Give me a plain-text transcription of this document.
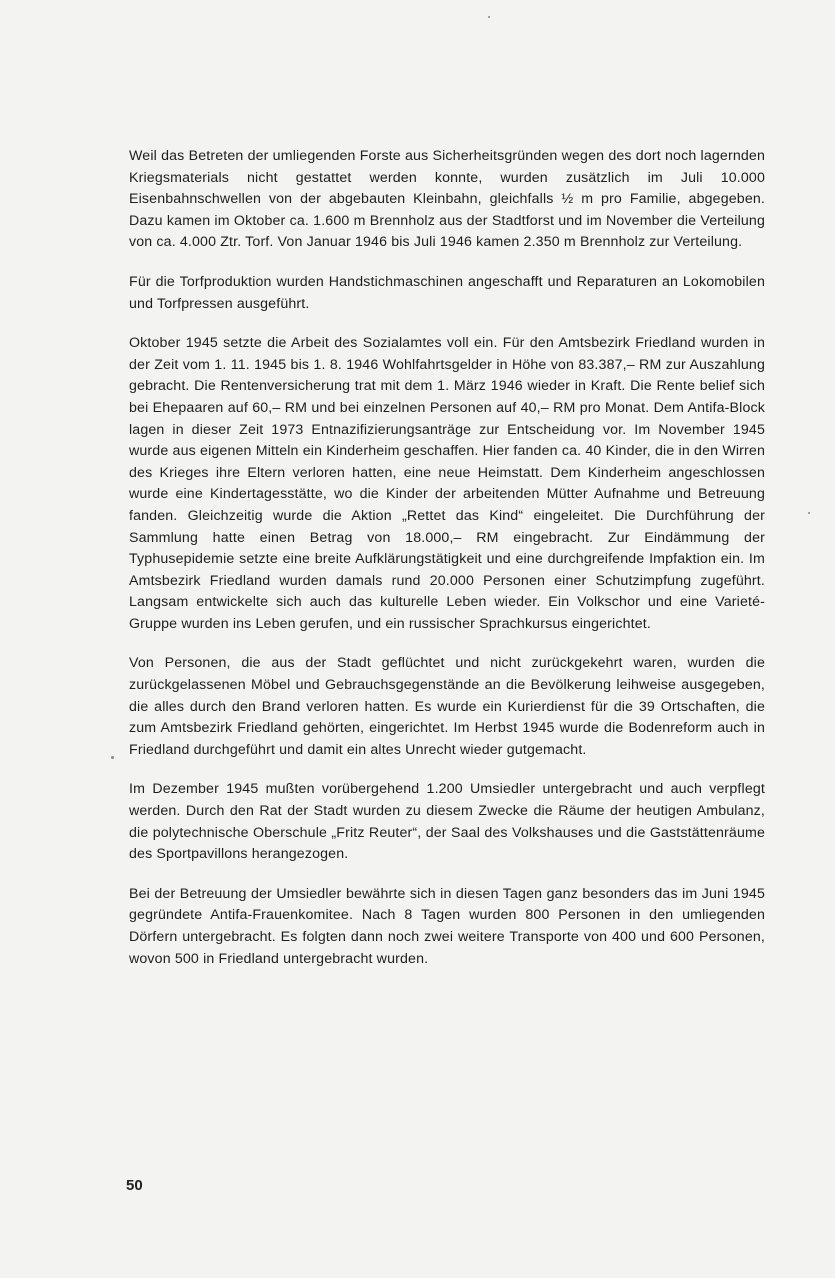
Weil das Betreten der umliegenden Forste aus Sicherheitsgründen wegen des dort noch lagernden Kriegsmaterials nicht gestattet werden konnte, wurden zusätzlich im Juli 10.000 Eisenbahnschwellen von der abgebauten Kleinbahn, gleichfalls ½ m pro Familie, abgegeben. Dazu kamen im Oktober ca. 1.600 m Brennholz aus der Stadtforst und im November die Verteilung von ca. 4.000 Ztr. Torf. Von Januar 1946 bis Juli 1946 kamen 2.350 m Brennholz zur Verteilung.

Für die Torfproduktion wurden Handstichmaschinen angeschafft und Reparaturen an Lokomobilen und Torfpressen ausgeführt.

Oktober 1945 setzte die Arbeit des Sozialamtes voll ein. Für den Amtsbezirk Friedland wurden in der Zeit vom 1. 11. 1945 bis 1. 8. 1946 Wohlfahrtsgelder in Höhe von 83.387,– RM zur Auszahlung gebracht. Die Rentenversicherung trat mit dem 1. März 1946 wieder in Kraft. Die Rente belief sich bei Ehepaaren auf 60,– RM und bei einzelnen Personen auf 40,– RM pro Monat. Dem Antifa-Block lagen in dieser Zeit 1973 Entnazifizierungsanträge zur Entscheidung vor. Im November 1945 wurde aus eigenen Mitteln ein Kinderheim geschaffen. Hier fanden ca. 40 Kinder, die in den Wirren des Krieges ihre Eltern verloren hatten, eine neue Heimstatt. Dem Kinderheim angeschlossen wurde eine Kindertagesstätte, wo die Kinder der arbeitenden Mütter Aufnahme und Betreuung fanden. Gleichzeitig wurde die Aktion „Rettet das Kind“ eingeleitet. Die Durchführung der Sammlung hatte einen Betrag von 18.000,– RM eingebracht. Zur Eindämmung der Typhusepidemie setzte eine breite Aufklärungstätigkeit und eine durchgreifende Impfaktion ein. Im Amtsbezirk Friedland wurden damals rund 20.000 Personen einer Schutzimpfung zugeführt. Langsam entwickelte sich auch das kulturelle Leben wieder. Ein Volkschor und eine Varieté-Gruppe wurden ins Leben gerufen, und ein russischer Sprachkursus eingerichtet.

Von Personen, die aus der Stadt geflüchtet und nicht zurückgekehrt waren, wurden die zurückgelassenen Möbel und Gebrauchsgegenstände an die Bevölkerung leihweise ausgegeben, die alles durch den Brand verloren hatten. Es wurde ein Kurierdienst für die 39 Ortschaften, die zum Amtsbezirk Friedland gehörten, eingerichtet. Im Herbst 1945 wurde die Bodenreform auch in Friedland durchgeführt und damit ein altes Unrecht wieder gutgemacht.

Im Dezember 1945 mußten vorübergehend 1.200 Umsiedler untergebracht und auch verpflegt werden. Durch den Rat der Stadt wurden zu diesem Zwecke die Räume der heutigen Ambulanz, die polytechnische Oberschule „Fritz Reuter“, der Saal des Volkshauses und die Gaststättenräume des Sportpavillons herangezogen.

Bei der Betreuung der Umsiedler bewährte sich in diesen Tagen ganz besonders das im Juni 1945 gegründete Antifa-Frauenkomitee. Nach 8 Tagen wurden 800 Personen in den umliegenden Dörfern untergebracht. Es folgten dann noch zwei weitere Transporte von 400 und 600 Personen, wovon 500 in Friedland untergebracht wurden.

50
